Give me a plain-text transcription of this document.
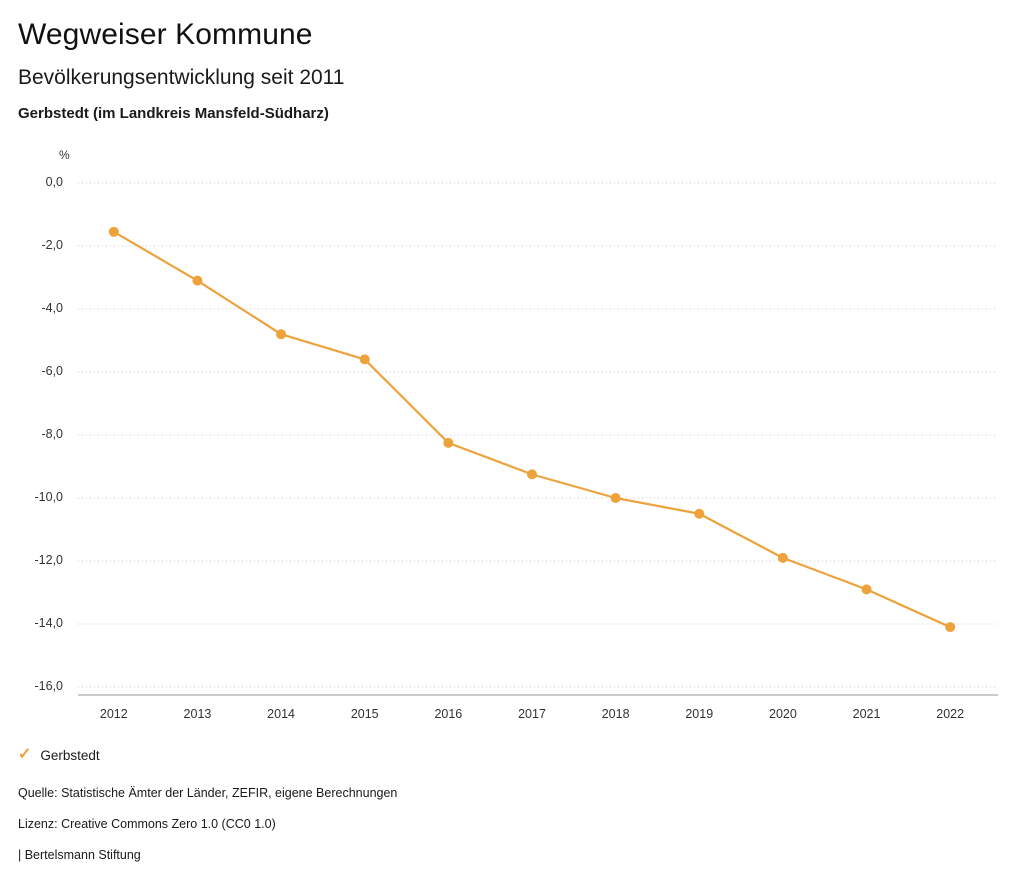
Wegweiser Kommune
Bevölkerungsentwicklung seit 2011
Gerbstedt (im Landkreis Mansfeld-Südharz)
%
0,0
-2,0
-4,0
-6,0
-8,0
-10,0
-12,0
-14,0
-16,0
2012	2013	2014	2015	2016	2017	2018	2019	2020	2021	2022
✓ Gerbstedt
Quelle: Statistische Ämter der Länder, ZEFIR, eigene Berechnungen
Lizenz: Creative Commons Zero 1.0 (CC0 1.0)
| Bertelsmann Stiftung
